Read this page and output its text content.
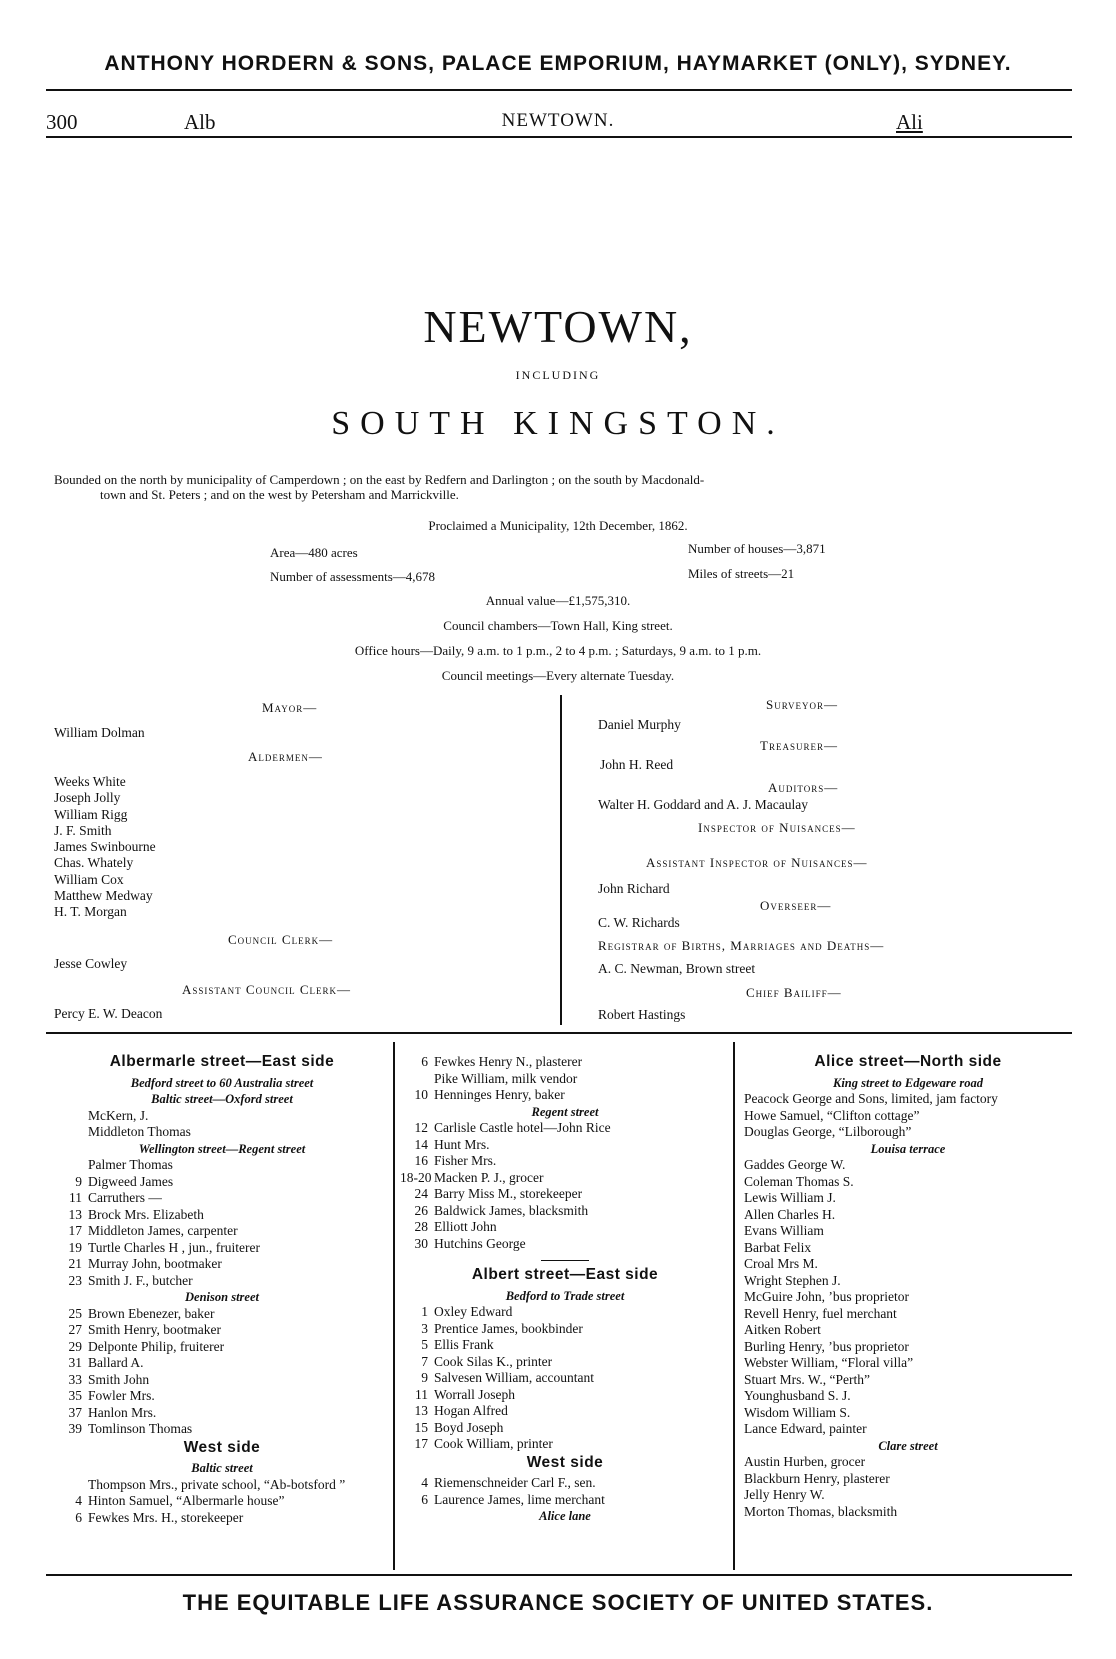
ANTHONY HORDERN & SONS, PALACE EMPORIUM, HAYMARKET (ONLY), SYDNEY.
300	Alb	NEWTOWN.	Ali
NEWTOWN,
INCLUDING
SOUTH KINGSTON.
Bounded on the north by municipality of Camperdown ; on the east by Redfern and Darlington ; on the south by Macdonald-
town and St. Peters ; and on the west by Petersham and Marrickville.
Proclaimed a Municipality, 12th December, 1862.
Area—480 acres	Number of houses—3,871
Number of assessments—4,678	Miles of streets—21
Annual value—£1,575,310.
Council chambers—Town Hall, King street.
Office hours—Daily, 9 a.m. to 1 p.m., 2 to 4 p.m. ; Saturdays, 9 a.m. to 1 p.m.
Council meetings—Every alternate Tuesday.
Mayor—
William Dolman
Aldermen—
Weeks White
Joseph Jolly
William Rigg
J. F. Smith
James Swinbourne
Chas. Whately
William Cox
Matthew Medway
H. T. Morgan
Council Clerk—
Jesse Cowley
Assistant Council Clerk—
Percy E. W. Deacon
Surveyor—
Daniel Murphy
Treasurer—
John H. Reed
Auditors—
Walter H. Goddard and A. J. Macaulay
Inspector of Nuisances—
Assistant Inspector of Nuisances—
John Richard
Overseer—
C. W. Richards
Registrar of Births, Marriages and Deaths—
A. C. Newman, Brown street
Chief Bailiff—
Robert Hastings
Albermarle street—East side
Bedford street to 60 Australia street
Baltic street—Oxford street
McKern, J.
Middleton Thomas
Wellington street—Regent street
Palmer Thomas
9 Digweed James
11 Carruthers —
13 Brock Mrs. Elizabeth
17 Middleton James, carpenter
19 Turtle Charles H , jun., fruiterer
21 Murray John, bootmaker
23 Smith J. F., butcher
Denison street
25 Brown Ebenezer, baker
27 Smith Henry, bootmaker
29 Delponte Philip, fruiterer
31 Ballard A.
33 Smith John
35 Fowler Mrs.
37 Hanlon Mrs.
39 Tomlinson Thomas
West side
Baltic street
Thompson Mrs., private school, “Ab-botsford ”
4 Hinton Samuel, “Albermarle house”
6 Fewkes Mrs. H., storekeeper
6 Fewkes Henry N., plasterer
Pike William, milk vendor
10 Henninges Henry, baker
Regent street
12 Carlisle Castle hotel—John Rice
14 Hunt Mrs.
16 Fisher Mrs.
18-20 Macken P. J., grocer
24 Barry Miss M., storekeeper
26 Baldwick James, blacksmith
28 Elliott John
30 Hutchins George
Albert street—East side
Bedford to Trade street
1 Oxley Edward
3 Prentice James, bookbinder
5 Ellis Frank
7 Cook Silas K., printer
9 Salvesen William, accountant
11 Worrall Joseph
13 Hogan Alfred
15 Boyd Joseph
17 Cook William, printer
West side
4 Riemenschneider Carl F., sen.
6 Laurence James, lime merchant
Alice lane
Alice street—North side
King street to Edgeware road
Peacock George and Sons, limited, jam factory
Howe Samuel, “Clifton cottage”
Douglas George, “Lilborough”
Louisa terrace
Gaddes George W.
Coleman Thomas S.
Lewis William J.
Allen Charles H.
Evans William
Barbat Felix
Croal Mrs M.
Wright Stephen J.
McGuire John, ’bus proprietor
Revell Henry, fuel merchant
Aitken Robert
Burling Henry, ’bus proprietor
Webster William, “Floral villa”
Stuart Mrs. W., “Perth”
Younghusband S. J.
Wisdom William S.
Lance Edward, painter
Clare street
Austin Hurben, grocer
Blackburn Henry, plasterer
Jelly Henry W.
Morton Thomas, blacksmith
THE EQUITABLE LIFE ASSURANCE SOCIETY OF UNITED STATES.
